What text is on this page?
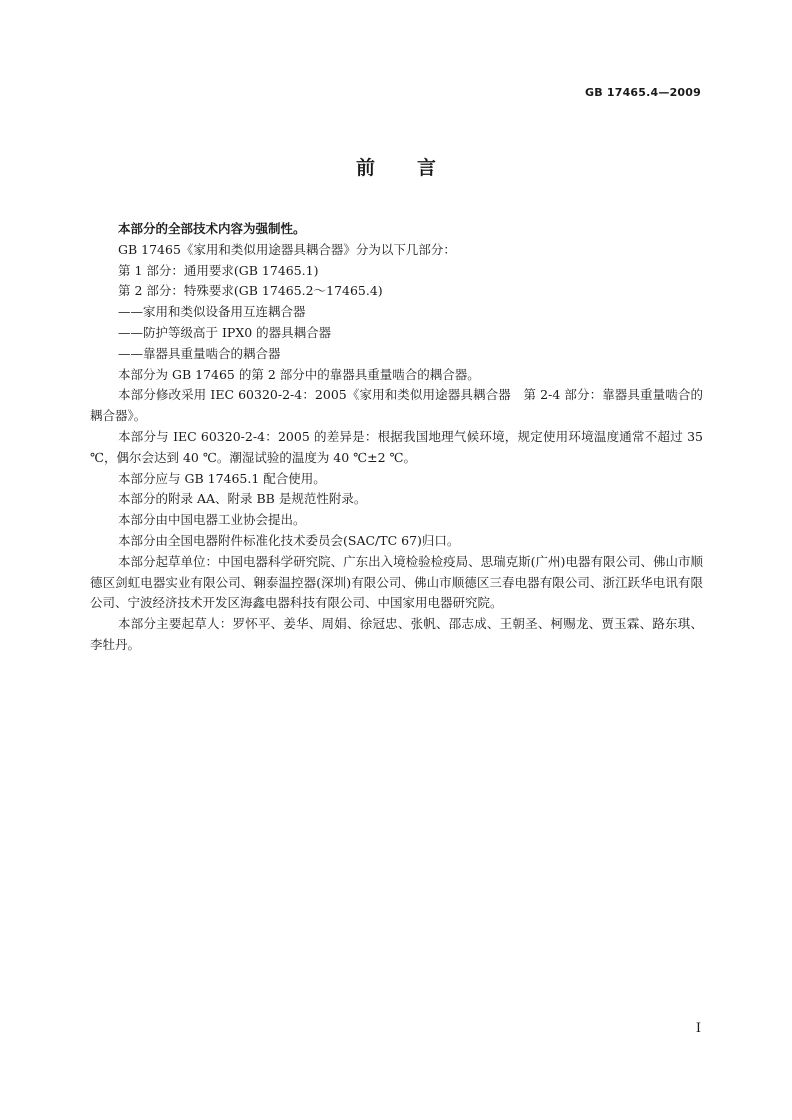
GB 17465.4—2009
前言

本部分的全部技术内容为强制性。

GB 17465《家用和类似用途器具耦合器》分为以下几部分：

第 1 部分：通用要求(GB 17465.1)

第 2 部分：特殊要求(GB 17465.2～17465.4)

——家用和类似设备用互连耦合器

——防护等级高于 IPX0 的器具耦合器

——靠器具重量啮合的耦合器

本部分为 GB 17465 的第 2 部分中的靠器具重量啮合的耦合器。

本部分修改采用 IEC 60320-2-4：2005《家用和类似用途器具耦合器　第 2-4 部分：靠器具重量啮合的耦合器》。

本部分与 IEC 60320-2-4：2005 的差异是：根据我国地理气候环境，规定使用环境温度通常不超过 35 ℃，偶尔会达到 40 ℃。潮湿试验的温度为 40 ℃±2 ℃。

本部分应与 GB 17465.1 配合使用。

本部分的附录 AA、附录 BB 是规范性附录。

本部分由中国电器工业协会提出。

本部分由全国电器附件标准化技术委员会(SAC/TC 67)归口。

本部分起草单位：中国电器科学研究院、广东出入境检验检疫局、思瑞克斯(广州)电器有限公司、佛山市顺德区剑虹电器实业有限公司、翱泰温控器(深圳)有限公司、佛山市顺德区三春电器有限公司、浙江跃华电讯有限公司、宁波经济技术开发区海鑫电器科技有限公司、中国家用电器研究院。

本部分主要起草人：罗怀平、姜华、周娟、徐冠忠、张帆、邵志成、王朝圣、柯赐龙、贾玉霖、路东琪、李牡丹。

I
